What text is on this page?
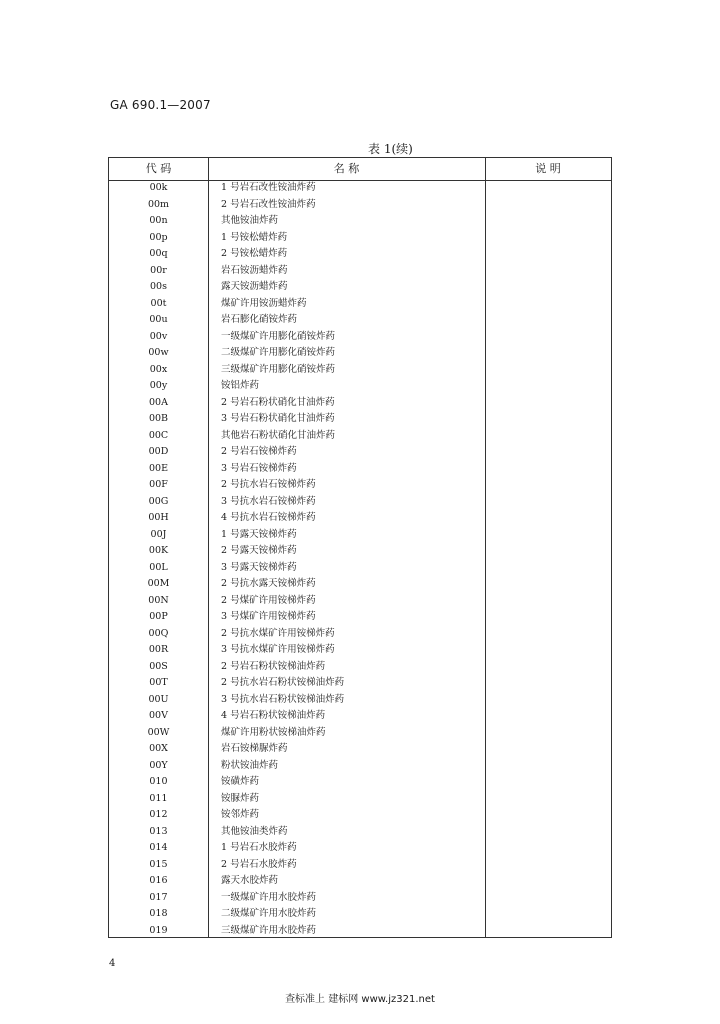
GA 690.1—2007
表 1(续)
代 码	名 称	说 明
00k	1 号岩石改性铵油炸药
00m	2 号岩石改性铵油炸药
00n	其他铵油炸药
00p	1 号铵松蜡炸药
00q	2 号铵松蜡炸药
00r	岩石铵沥蜡炸药
00s	露天铵沥蜡炸药
00t	煤矿许用铵沥蜡炸药
00u	岩石膨化硝铵炸药
00v	一级煤矿许用膨化硝铵炸药
00w	二级煤矿许用膨化硝铵炸药
00x	三级煤矿许用膨化硝铵炸药
00y	铵铝炸药
00A	2 号岩石粉状硝化甘油炸药
00B	3 号岩石粉状硝化甘油炸药
00C	其他岩石粉状硝化甘油炸药
00D	2 号岩石铵梯炸药
00E	3 号岩石铵梯炸药
00F	2 号抗水岩石铵梯炸药
00G	3 号抗水岩石铵梯炸药
00H	4 号抗水岩石铵梯炸药
00J	1 号露天铵梯炸药
00K	2 号露天铵梯炸药
00L	3 号露天铵梯炸药
00M	2 号抗水露天铵梯炸药
00N	2 号煤矿许用铵梯炸药
00P	3 号煤矿许用铵梯炸药
00Q	2 号抗水煤矿许用铵梯炸药
00R	3 号抗水煤矿许用铵梯炸药
00S	2 号岩石粉状铵梯油炸药
00T	2 号抗水岩石粉状铵梯油炸药
00U	3 号抗水岩石粉状铵梯油炸药
00V	4 号岩石粉状铵梯油炸药
00W	煤矿许用粉状铵梯油炸药
00X	岩石铵梯脲炸药
00Y	粉状铵油炸药
010	铵磺炸药
011	铵脲炸药
012	铵邻炸药
013	其他铵油类炸药
014	1 号岩石水胶炸药
015	2 号岩石水胶炸药
016	露天水胶炸药
017	一级煤矿许用水胶炸药
018	二级煤矿许用水胶炸药
019	三级煤矿许用水胶炸药
4
查标准上 建标网 www.jz321.net
